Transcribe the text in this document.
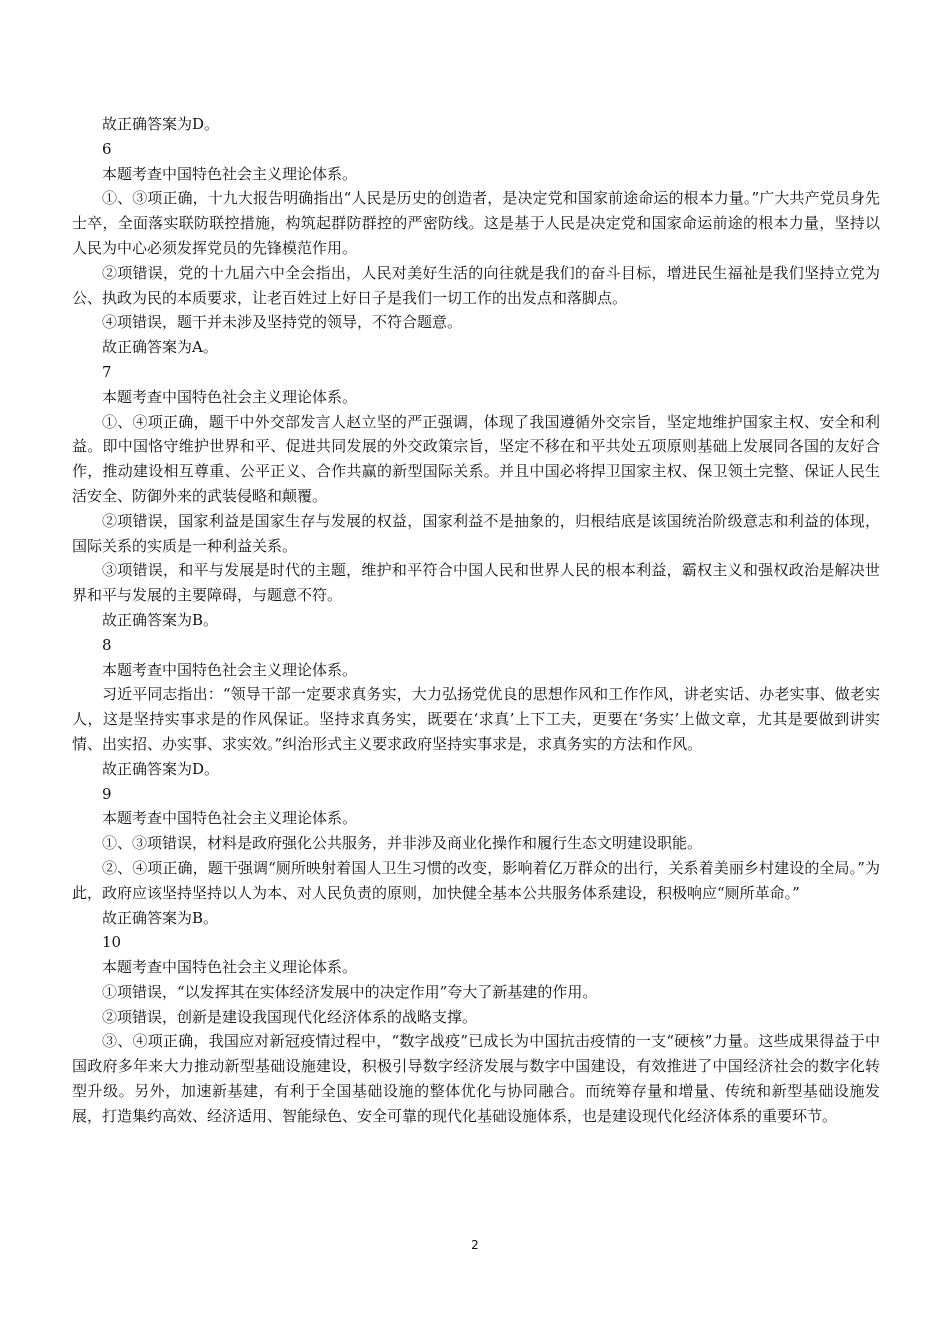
故正确答案为D。

6

本题考查中国特色社会主义理论体系。

①、③项正确，十九大报告明确指出“人民是历史的创造者，是决定党和国家前途命运的根本力量。”广大共产党员身先士卒，全面落实联防联控措施，构筑起群防群控的严密防线。这是基于人民是决定党和国家命运前途的根本力量，坚持以人民为中心必须发挥党员的先锋模范作用。

②项错误，党的十九届六中全会指出，人民对美好生活的向往就是我们的奋斗目标，增进民生福祉是我们坚持立党为公、执政为民的本质要求，让老百姓过上好日子是我们一切工作的出发点和落脚点。

④项错误，题干并未涉及坚持党的领导，不符合题意。

故正确答案为A。

7

本题考查中国特色社会主义理论体系。

①、④项正确，题干中外交部发言人赵立坚的严正强调，体现了我国遵循外交宗旨，坚定地维护国家主权、安全和利益。即中国恪守维护世界和平、促进共同发展的外交政策宗旨，坚定不移在和平共处五项原则基础上发展同各国的友好合作，推动建设相互尊重、公平正义、合作共赢的新型国际关系。并且中国必将捍卫国家主权、保卫领土完整、保证人民生活安全、防御外来的武装侵略和颠覆。

②项错误，国家利益是国家生存与发展的权益，国家利益不是抽象的，归根结底是该国统治阶级意志和利益的体现，国际关系的实质是一种利益关系。

③项错误，和平与发展是时代的主题，维护和平符合中国人民和世界人民的根本利益，霸权主义和强权政治是解决世界和平与发展的主要障碍，与题意不符。

故正确答案为B。

8

本题考查中国特色社会主义理论体系。

习近平同志指出：“领导干部一定要求真务实，大力弘扬党优良的思想作风和工作作风，讲老实话、办老实事、做老实人，这是坚持实事求是的作风保证。坚持求真务实，既要在‘求真’上下工夫，更要在‘务实’上做文章，尤其是要做到讲实情、出实招、办实事、求实效。”纠治形式主义要求政府坚持实事求是，求真务实的方法和作风。

故正确答案为D。

9

本题考查中国特色社会主义理论体系。

①、③项错误，材料是政府强化公共服务，并非涉及商业化操作和履行生态文明建设职能。

②、④项正确，题干强调“厕所映射着国人卫生习惯的改变，影响着亿万群众的出行，关系着美丽乡村建设的全局。”为此，政府应该坚持坚持以人为本、对人民负责的原则，加快健全基本公共服务体系建设，积极响应“厕所革命。”

故正确答案为B。

10

本题考查中国特色社会主义理论体系。

①项错误，“以发挥其在实体经济发展中的决定作用”夸大了新基建的作用。

②项错误，创新是建设我国现代化经济体系的战略支撑。

③、④项正确，我国应对新冠疫情过程中，“数字战疫”已成长为中国抗击疫情的一支“硬核”力量。这些成果得益于中国政府多年来大力推动新型基础设施建设，积极引导数字经济发展与数字中国建设，有效推进了中国经济社会的数字化转型升级。另外，加速新基建，有利于全国基础设施的整体优化与协同融合。而统筹存量和增量、传统和新型基础设施发展，打造集约高效、经济适用、智能绿色、安全可靠的现代化基础设施体系，也是建设现代化经济体系的重要环节。

2
